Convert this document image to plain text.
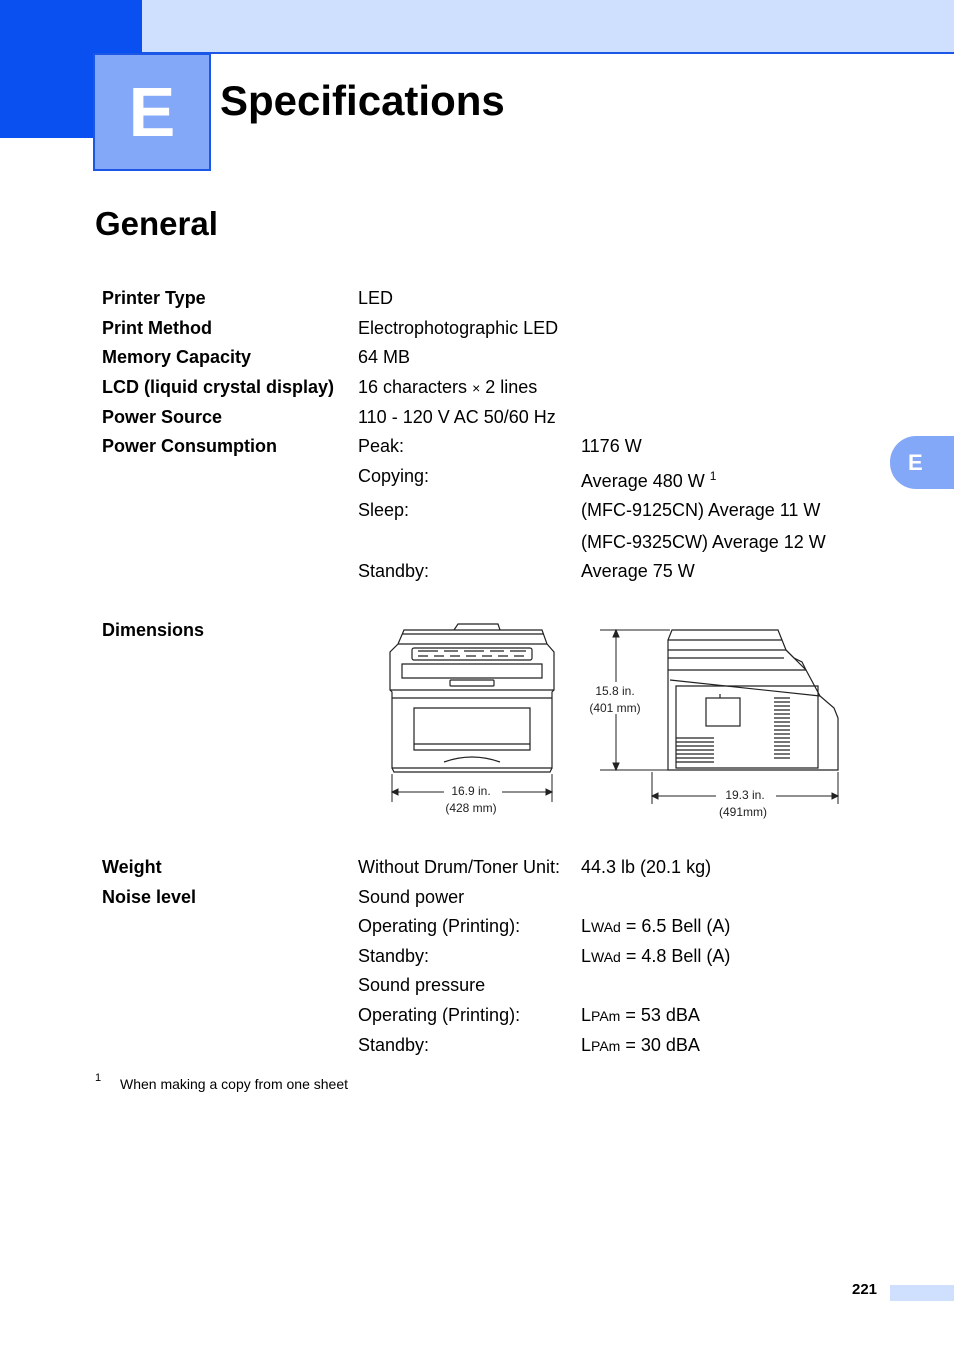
E Specifications
General
E
Printer Type	LED
Print Method	Electrophotographic LED
Memory Capacity	64 MB
LCD (liquid crystal display) 16 characters × 2 lines
Power Source	110 - 120 V AC 50/60 Hz
Power Consumption	Peak:	1176 W
Copying:	Average 480 W $^1$
Sleep:	(MFC-9125CN) Average 11 W
(MFC-9325CW) Average 12 W
Standby:	Average 75 W
Dimensions
16.9 in.
(428 mm)
15.8 in.
(401 mm)
19.3 in.
(491mm)
Weight	Without Drum/Toner Unit: 44.3 lb (20.1 kg)
Noise level	Sound power
Operating (Printing):	LWAd = 6.5 Bell (A)
Standby:	LWAd = 4.8 Bell (A)
Sound pressure
Operating (Printing):	LPAm = 53 dBA
Standby:	LPAm = 30 dBA
1 When making a copy from one sheet
221
